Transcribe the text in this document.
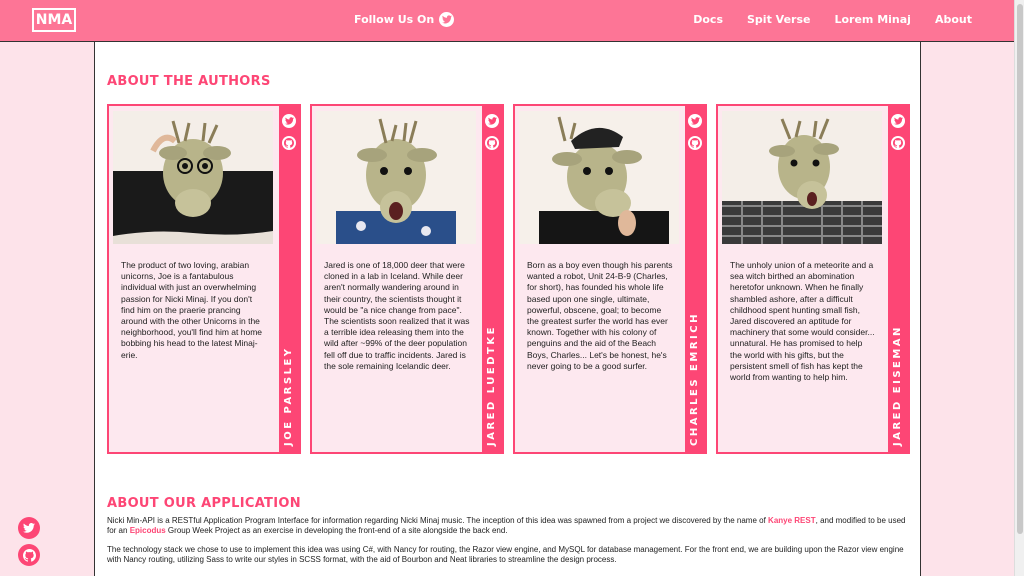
NMA	Follow Us On	Docs Spit Verse Lorem Minaj About
ABOUT THE AUTHORS
The product of two loving, arabian unicorns, Joe is a fantabulous individual with just an overwhelming passion for Nicki Minaj. If you don't find him on the praerie prancing around with the other Unicorns in the neighborhood, you'll find him at home bobbing his head to the latest Minaj-erie.	JOE PARSLEY
Jared is one of 18,000 deer that were cloned in a lab in Iceland. While deer aren't normally wandering around in their country, the scientists thought it would be "a nice change from pace". The scientists soon realized that it was a terrible idea releasing them into the wild after ~99% of the deer population fell off due to traffic incidents. Jared is the sole remaining Icelandic deer.	JARED LUEDTKE
Born as a boy even though his parents wanted a robot, Unit 24-B-9 (Charles, for short), has founded his whole life based upon one single, ultimate, powerful, obscene, goal; to become the greatest surfer the world has ever known. Together with his colony of penguins and the aid of the Beach Boys, Charles... Let's be honest, he's never going to be a good surfer.	CHARLES EMRICH
The unholy union of a meteorite and a sea witch birthed an abomination heretofor unknown. When he finally shambled ashore, after a difficult childhood spent hunting small fish, Jared discovered an aptitude for machinery that some would consider... unnatural. He has promised to help the world with his gifts, but the persistent smell of fish has kept the world from wanting to help him.	JARED EISEMAN
ABOUT OUR APPLICATION
Nicki Min-API is a RESTful Application Program Interface for information regarding Nicki Minaj music. The inception of this idea was spawned from a project we discovered by the name of Kanye REST, and modified to be used for an Epicodus Group Week Project as an exercise in developing the front-end of a site alongside the back end.
The technology stack we chose to use to implement this idea was using C#, with Nancy for routing, the Razor view engine, and MySQL for database management. For the front end, we are building upon the Razor view engine with Nancy routing, utilizing Sass to write our styles in SCSS format, with the aid of Bourbon and Neat libraries to streamline the design process.
